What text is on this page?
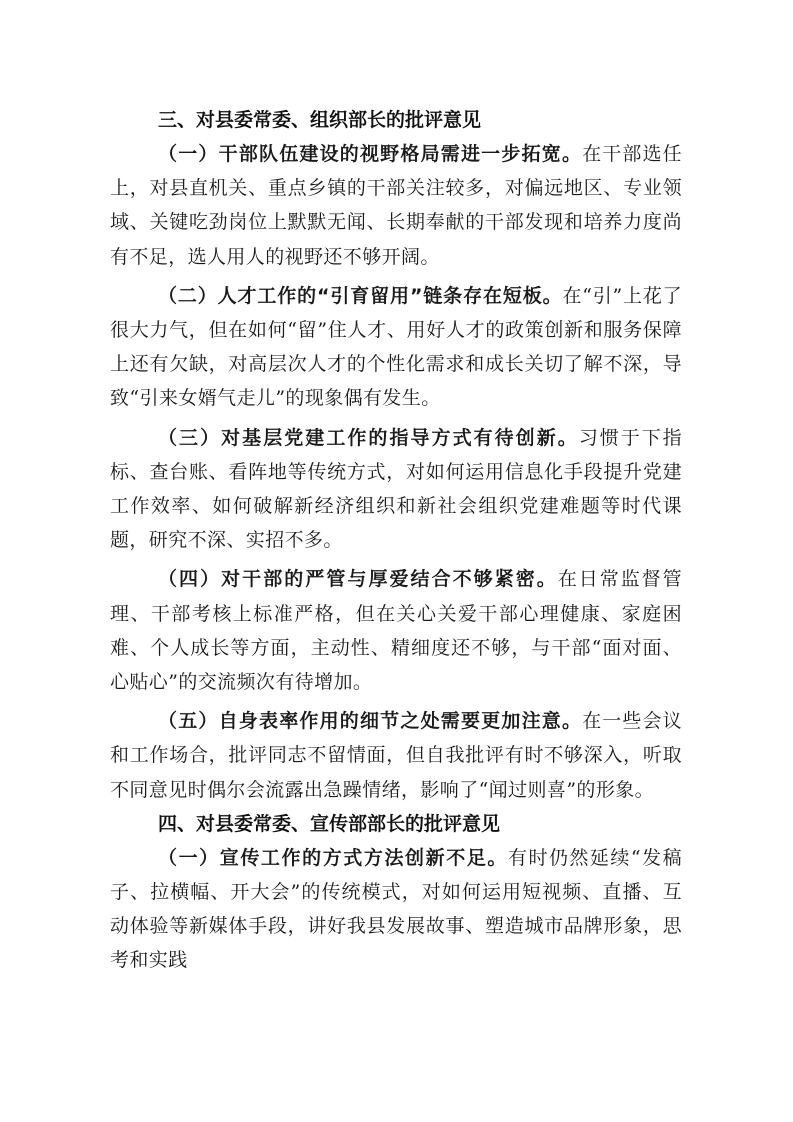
三、对县委常委、组织部长的批评意见

（一）干部队伍建设的视野格局需进一步拓宽。在干部选任上，对县直机关、重点乡镇的干部关注较多，对偏远地区、专业领域、关键吃劲岗位上默默无闻、长期奉献的干部发现和培养力度尚有不足，选人用人的视野还不够开阔。

（二）人才工作的“引育留用”链条存在短板。在“引”上花了很大力气，但在如何“留”住人才、用好人才的政策创新和服务保障上还有欠缺，对高层次人才的个性化需求和成长关切了解不深，导致“引来女婿气走儿”的现象偶有发生。

（三）对基层党建工作的指导方式有待创新。习惯于下指标、查台账、看阵地等传统方式，对如何运用信息化手段提升党建工作效率、如何破解新经济组织和新社会组织党建难题等时代课题，研究不深、实招不多。

（四）对干部的严管与厚爱结合不够紧密。在日常监督管理、干部考核上标准严格，但在关心关爱干部心理健康、家庭困难、个人成长等方面，主动性、精细度还不够，与干部“面对面、心贴心”的交流频次有待增加。

（五）自身表率作用的细节之处需要更加注意。在一些会议和工作场合，批评同志不留情面，但自我批评有时不够深入，听取不同意见时偶尔会流露出急躁情绪，影响了“闻过则喜”的形象。

四、对县委常委、宣传部部长的批评意见

（一）宣传工作的方式方法创新不足。有时仍然延续“发稿子、拉横幅、开大会”的传统模式，对如何运用短视频、直播、互动体验等新媒体手段，讲好我县发展故事、塑造城市品牌形象，思考和实践
